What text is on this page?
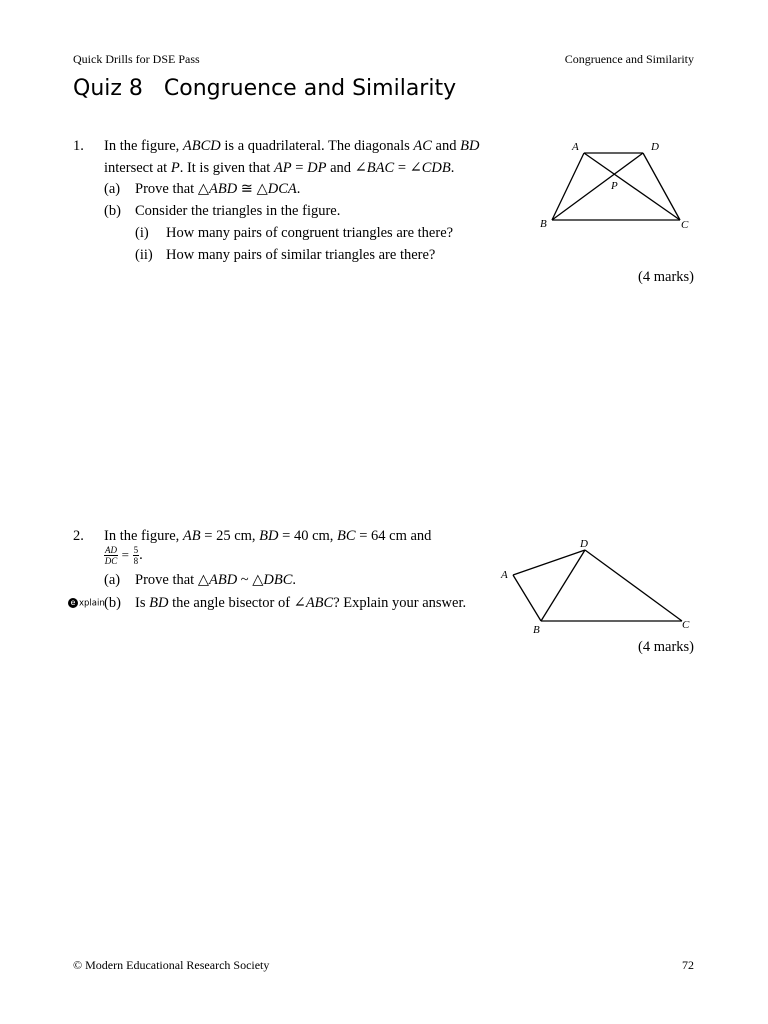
Quick Drills for DSE Pass	Congruence and Similarity
Quiz 8   Congruence and Similarity
1. In the figure, ABCD is a quadrilateral. The diagonals AC and BD
intersect at P. It is given that AP = DP and ∠BAC = ∠CDB.
(a) Prove that △ABD ≅ △DCA.
(b) Consider the triangles in the figure.
(i) How many pairs of congruent triangles are there?
(ii) How many pairs of similar triangles are there?
(4 marks)
A	D
P
B	C
2. In the figure, AB = 25 cm, BD = 40 cm, BC = 64 cm and
$\frac{AD}{DC} = \frac{5}{8}$ .
(a) Prove that △ABD ~ △DBC.
e xplain (b) Is BD the angle bisector of ∠ABC? Explain your answer.
(4 marks)
D
A
B	C
© Modern Educational Research Society	72
